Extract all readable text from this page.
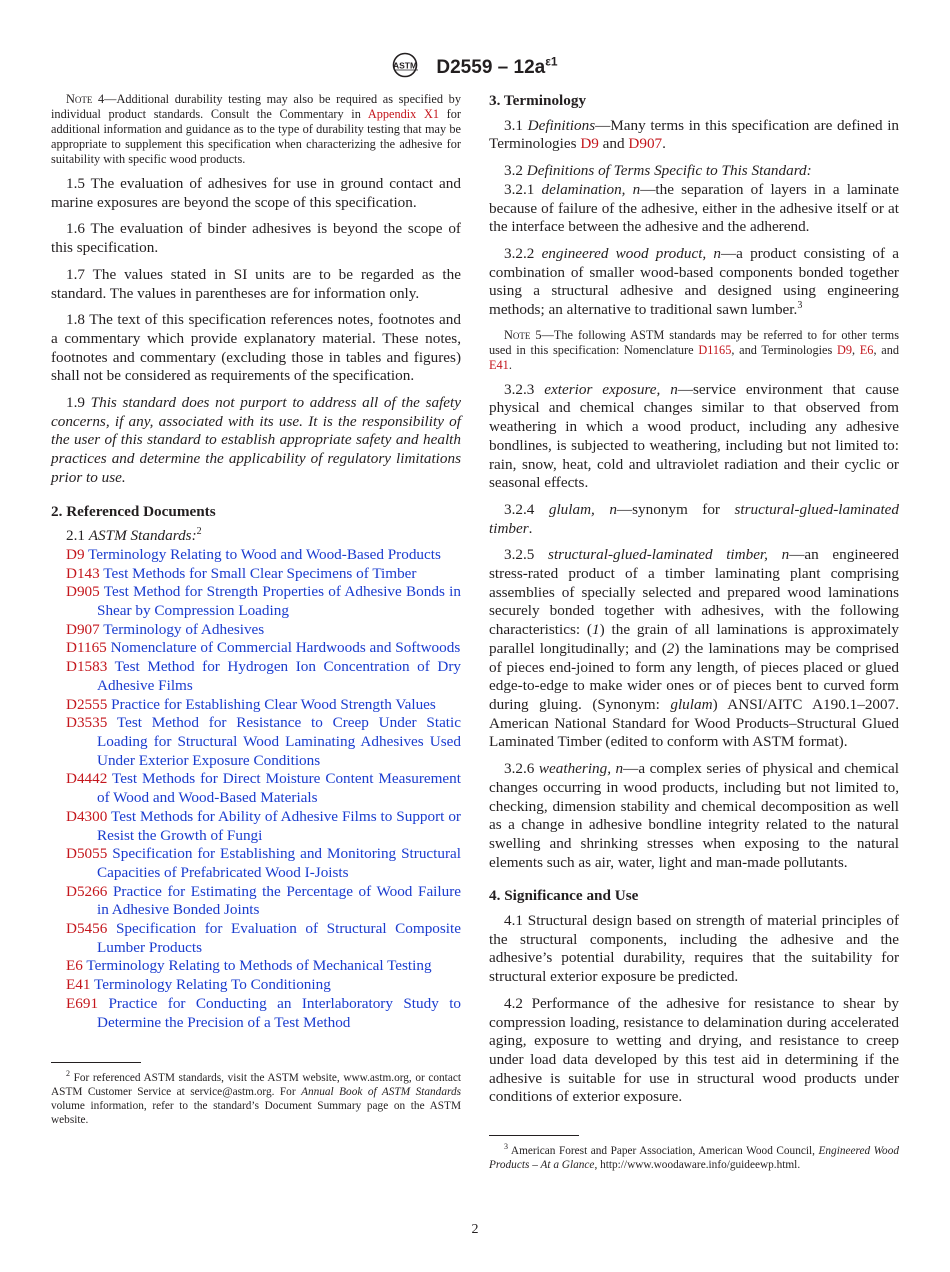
ASTM $D2559 - 12a^{\varepsilon 1}$
Note 4—Additional durability testing may also be required as specified by individual product standards. Consult the Commentary in Appendix X1 for additional information and guidance as to the type of durability testing that may be appropriate to supplement this specification when characterizing the adhesive for suitability with specific wood products.

1.5 The evaluation of adhesives for use in ground contact and marine exposures are beyond the scope of this specification.

1.6 The evaluation of binder adhesives is beyond the scope of this specification.

1.7 The values stated in SI units are to be regarded as the standard. The values in parentheses are for information only.

1.8 The text of this specification references notes, footnotes and a commentary which provide explanatory material. These notes, footnotes and commentary (excluding those in tables and figures) shall not be considered as requirements of the specification.

1.9 This standard does not purport to address all of the safety concerns, if any, associated with its use. It is the responsibility of the user of this standard to establish appropriate safety and health practices and determine the applicability of regulatory limitations prior to use.

2. Referenced Documents

2.1 ASTM Standards:$^2$

D9 Terminology Relating to Wood and Wood-Based Products

D143 Test Methods for Small Clear Specimens of Timber

D905 Test Method for Strength Properties of Adhesive Bonds in Shear by Compression Loading

D907 Terminology of Adhesives

D1165 Nomenclature of Commercial Hardwoods and Softwoods

D1583 Test Method for Hydrogen Ion Concentration of Dry Adhesive Films

D2555 Practice for Establishing Clear Wood Strength Values

D3535 Test Method for Resistance to Creep Under Static Loading for Structural Wood Laminating Adhesives Used Under Exterior Exposure Conditions

D4442 Test Methods for Direct Moisture Content Measurement of Wood and Wood-Based Materials

D4300 Test Methods for Ability of Adhesive Films to Support or Resist the Growth of Fungi

D5055 Specification for Establishing and Monitoring Structural Capacities of Prefabricated Wood I-Joists

D5266 Practice for Estimating the Percentage of Wood Failure in Adhesive Bonded Joints

D5456 Specification for Evaluation of Structural Composite Lumber Products

E6 Terminology Relating to Methods of Mechanical Testing

E41 Terminology Relating To Conditioning

E691 Practice for Conducting an Interlaboratory Study to Determine the Precision of a Test Method

$^2$ For referenced ASTM standards, visit the ASTM website, www.astm.org, or contact ASTM Customer Service at service@astm.org. For Annual Book of ASTM Standards volume information, refer to the standard’s Document Summary page on the ASTM website.

3. Terminology

3.1 Definitions—Many terms in this specification are defined in Terminologies D9 and D907.

3.2 Definitions of Terms Specific to This Standard:

3.2.1 delamination, n—the separation of layers in a laminate because of failure of the adhesive, either in the adhesive itself or at the interface between the adhesive and the adherend.

3.2.2 engineered wood product, n—a product consisting of a combination of smaller wood-based components bonded together using a structural adhesive and designed using engineering methods; an alternative to traditional sawn lumber.$^3$

Note 5—The following ASTM standards may be referred to for other terms used in this specification: Nomenclature D1165, and Terminologies D9, E6, and E41.

3.2.3 exterior exposure, n—service environment that cause physical and chemical changes similar to that observed from weathering in which a wood product, including any adhesive bondlines, is subjected to weathering, including but not limited to: rain, snow, heat, cold and ultraviolet radiation and their cyclic or seasonal effects.

3.2.4 glulam, n—synonym for structural-glued-laminated timber.

3.2.5 structural-glued-laminated timber, n—an engineered stress-rated product of a timber laminating plant comprising assemblies of specially selected and prepared wood laminations securely bonded together with adhesives, with the following characteristics: (1) the grain of all laminations is approximately parallel longitudinally; and (2) the laminations may be comprised of pieces end-joined to form any length, of pieces placed or glued edge-to-edge to make wider ones or of pieces bent to curved form during gluing. (Synonym: glulam) ANSI/AITC A190.1–2007. American National Standard for Wood Products–Structural Glued Laminated Timber (edited to conform with ASTM format).

3.2.6 weathering, n—a complex series of physical and chemical changes occurring in wood products, including but not limited to, checking, dimension stability and chemical decomposition as well as a change in adhesive bondline integrity related to the natural swelling and shrinking stresses when exposing to the natural elements such as air, water, light and man-made pollutants.

4. Significance and Use

4.1 Structural design based on strength of material principles of the structural components, including the adhesive and the adhesive’s potential durability, requires that the suitability for structural exterior exposure be predicted.

4.2 Performance of the adhesive for resistance to shear by compression loading, resistance to delamination during accelerated aging, exposure to wetting and drying, and resistance to creep under load data developed by this test aid in determining if the adhesive is suitable for use in structural wood products under conditions of exterior exposure.

$^3$ American Forest and Paper Association, American Wood Council, Engineered Wood Products – At a Glance, http://www.woodaware.info/guideewp.html.

2
